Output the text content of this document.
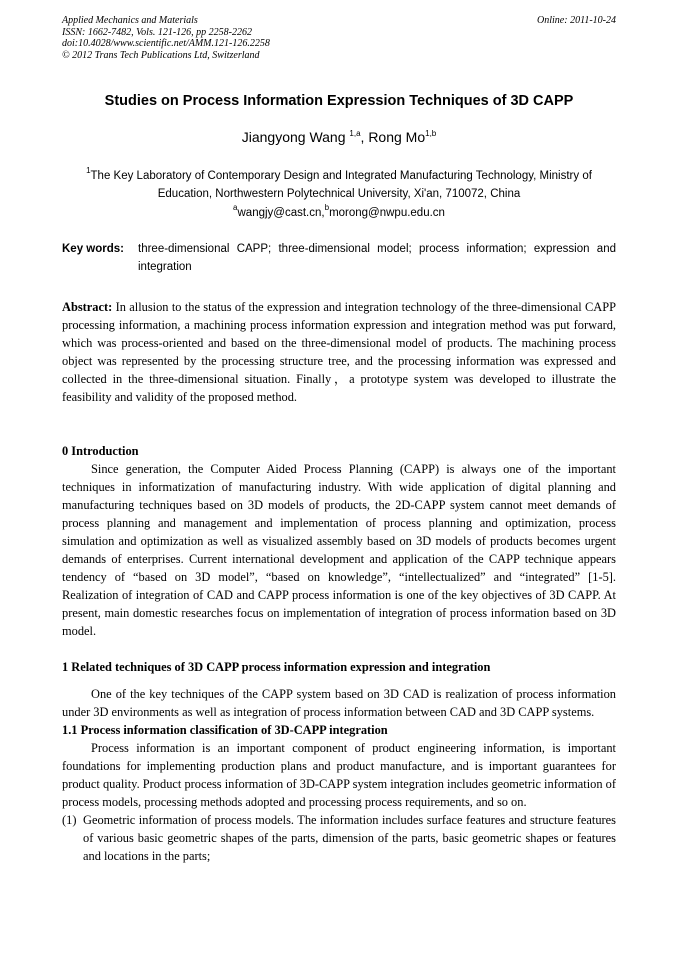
Applied Mechanics and Materials
ISSN: 1662-7482, Vols. 121-126, pp 2258-2262
doi:10.4028/www.scientific.net/AMM.121-126.2258
© 2012 Trans Tech Publications Ltd, Switzerland
Online: 2011-10-24
Studies on Process Information Expression Techniques of 3D CAPP
Jiangyong Wang $^{1,a}$, Rong Mo$^{1,b}$
$^1$The Key Laboratory of Contemporary Design and Integrated Manufacturing Technology, Ministry of Education, Northwestern Polytechnical University, Xi'an, 710072, China
$^a$wangjy@cast.cn,$^b$morong@nwpu.edu.cn
Key words:	three-dimensional CAPP; three-dimensional model; process information; expression and integration
Abstract: In allusion to the status of the expression and integration technology of the three-dimensional CAPP processing information, a machining process information expression and integration method was put forward, which was process-oriented and based on the three-dimensional model of products. The machining process object was represented by the processing structure tree, and the processing information was expressed and collected in the three-dimensional situation. Finally，a prototype system was developed to illustrate the feasibility and validity of the proposed method.
0 Introduction
Since generation, the Computer Aided Process Planning (CAPP) is always one of the important techniques in informatization of manufacturing industry. With wide application of digital planning and manufacturing techniques based on 3D models of products, the 2D-CAPP system cannot meet demands of process planning and management and implementation of process planning and optimization, process simulation and optimization as well as visualized assembly based on 3D models of products becomes urgent demands of enterprises. Current international development and application of the CAPP technique appears tendency of “based on 3D model”, “based on knowledge”, “intellectualized” and “integrated” [1-5]. Realization of integration of CAD and CAPP process information is one of the key objectives of 3D CAPP. At present, main domestic researches focus on implementation of integration of process information based on 3D model.
1 Related techniques of 3D CAPP process information expression and integration
One of the key techniques of the CAPP system based on 3D CAD is realization of process information under 3D environments as well as integration of process information between CAD and 3D CAPP systems.
1.1 Process information classification of 3D-CAPP integration
Process information is an important component of product engineering information, is important foundations for implementing production plans and product manufacture, and is important guarantees for product quality. Product process information of 3D-CAPP system integration includes geometric information of process models, processing methods adopted and processing process requirements, and so on.
(1) Geometric information of process models. The information includes surface features and structure features of various basic geometric shapes of the parts, dimension of the parts, basic geometric shapes or features and locations in the parts;
